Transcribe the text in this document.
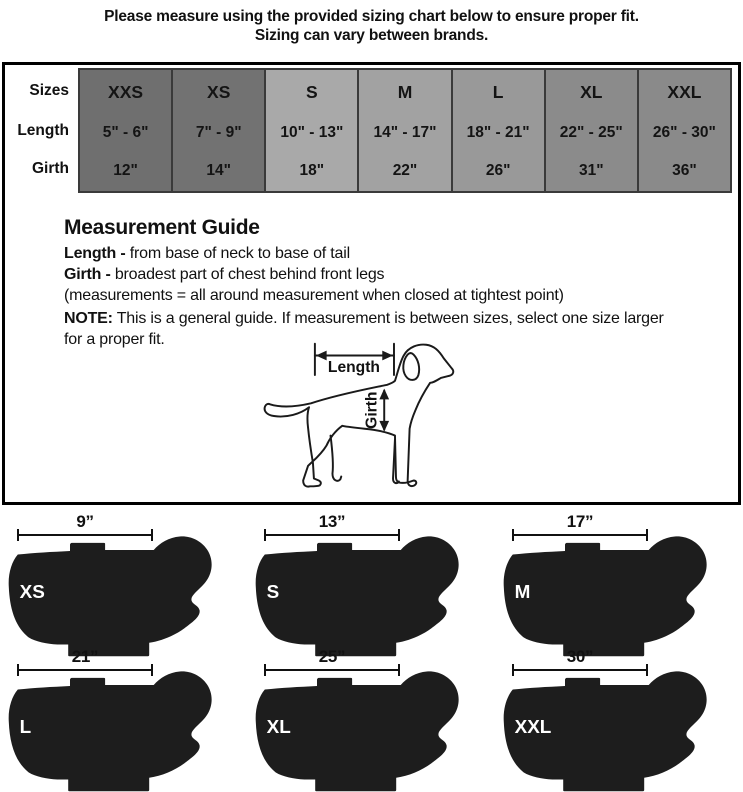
Please measure using the provided sizing chart below to ensure proper fit.
Sizing can vary between brands.
Sizes
Length
Girth
XXS
5" - 6"
12"
XS
7" - 9"
14"
S
10" - 13"
18"
M
14" - 17"
22"
L
18" - 21"
26"
XL
22" - 25"
31"
XXL
26" - 30"
36"
Measurement Guide

Length - from base of neck to base of tail

Girth - broadest part of chest behind front legs

(measurements = all around measurement when closed at tightest point)

NOTE: This is a general guide. If measurement is between sizes, select one size larger for a proper fit.

Length
Girth
9”
XS
13”
S
17”
M
21”
L
25”
XL
30”
XXL
